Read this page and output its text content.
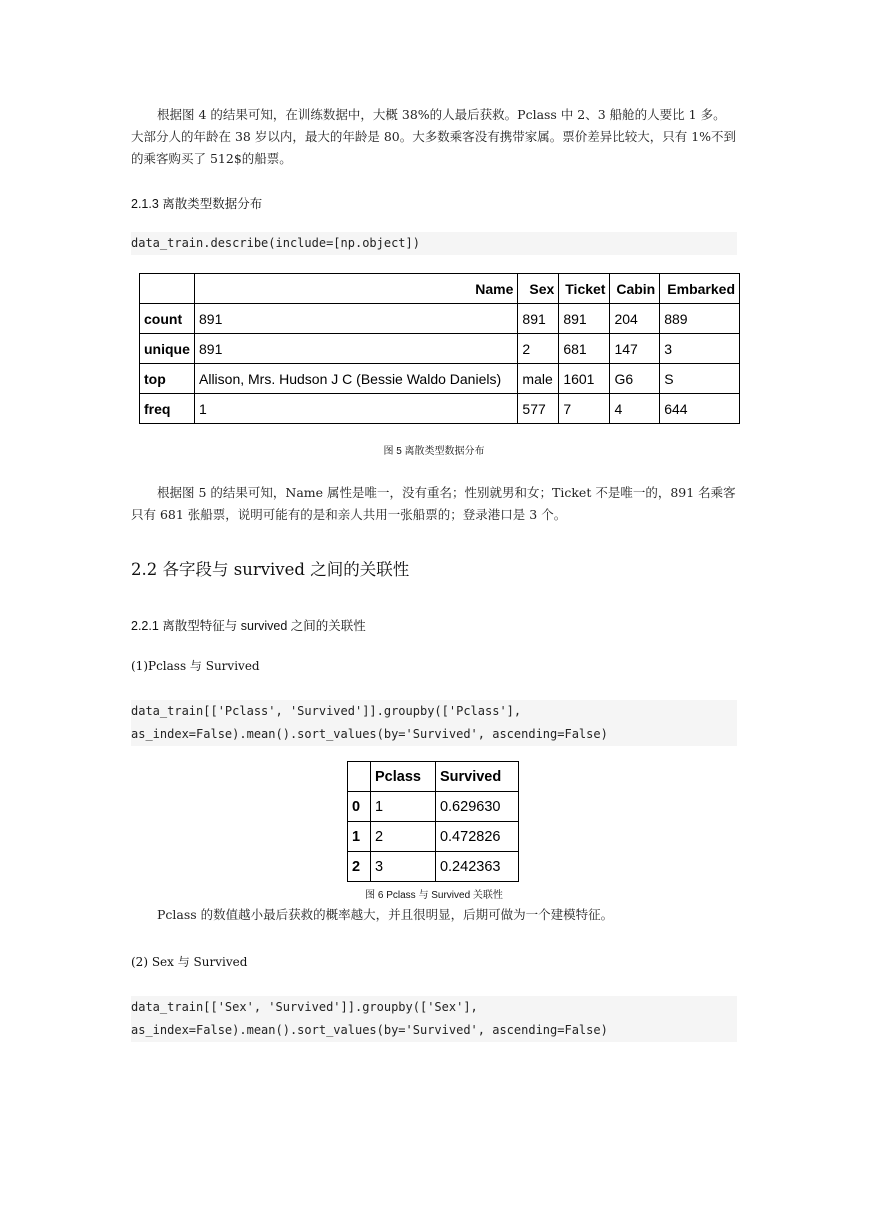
根据图 4 的结果可知，在训练数据中，大概 38%的人最后获救。Pclass 中 2、3 船舱的人要比 1 多。大部分人的年龄在 38 岁以内，最大的年龄是 80。大多数乘客没有携带家属。票价差异比较大，只有 1%不到的乘客购买了 512$的船票。
2.1.3 离散类型数据分布
data_train.describe(include=[np.object])
	Name	Sex	Ticket	Cabin	Embarked
count	891	891	891	204	889
unique	891	2	681	147	3
top	Allison, Mrs. Hudson J C (Bessie Waldo Daniels)	male	1601	G6	S
freq	1	577	7	4	644
图 5 离散类型数据分布
根据图 5 的结果可知，Name 属性是唯一，没有重名；性别就男和女；Ticket 不是唯一的，891 名乘客只有 681 张船票，说明可能有的是和亲人共用一张船票的；登录港口是 3 个。
2.2 各字段与 survived 之间的关联性
2.2.1 离散型特征与 survived 之间的关联性
(1)Pclass 与 Survived
data_train[['Pclass', 'Survived']].groupby(['Pclass'],
as_index=False).mean().sort_values(by='Survived', ascending=False)
	Pclass	Survived
0	1	0.629630
1	2	0.472826
2	3	0.242363
图 6 Pclass 与 Survived 关联性
Pclass 的数值越小最后获救的概率越大，并且很明显，后期可做为一个建模特征。
(2) Sex 与 Survived
data_train[['Sex', 'Survived']].groupby(['Sex'],
as_index=False).mean().sort_values(by='Survived', ascending=False)
